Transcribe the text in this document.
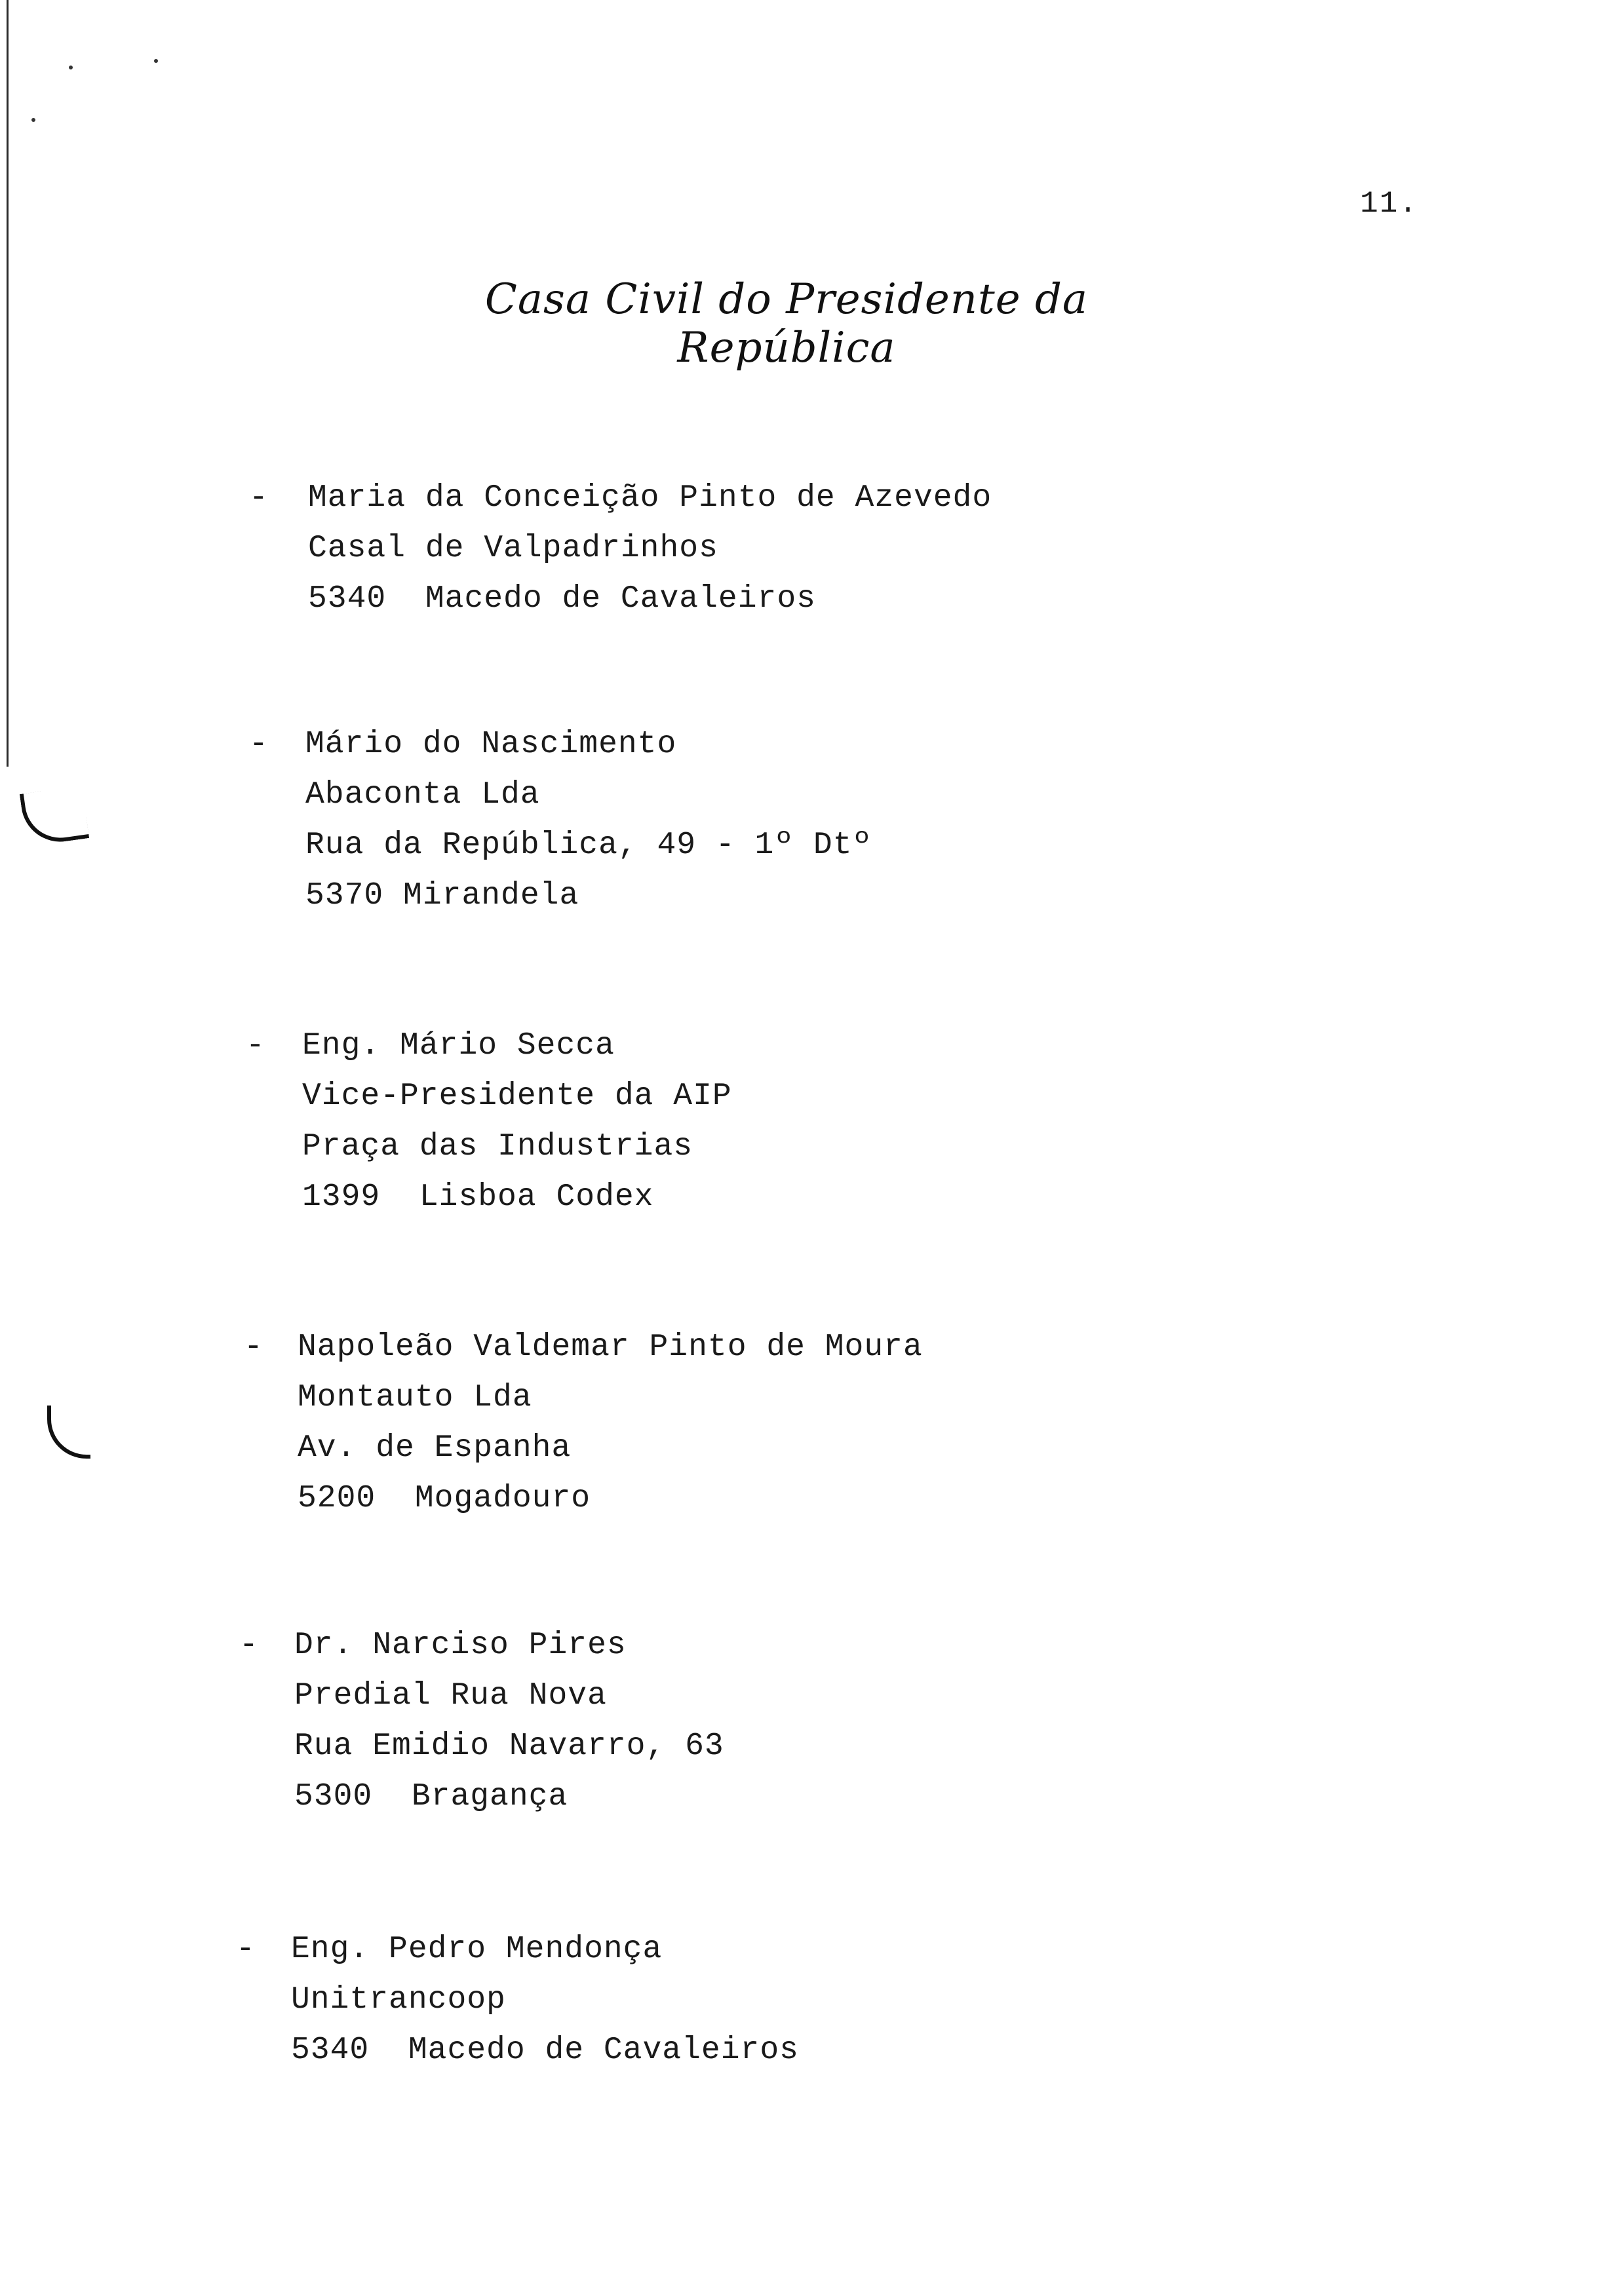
11.
Casa Civil do Presidente da República
- Maria da Conceição Pinto de Azevedo
Casal de Valpadrinhos
5340  Macedo de Cavaleiros
- Mário do Nascimento
Abaconta Lda
Rua da República, 49 - 1º Dtº
5370 Mirandela
- Eng. Mário Secca
Vice-Presidente da AIP
Praça das Industrias
1399  Lisboa Codex
- Napoleão Valdemar Pinto de Moura
Montauto Lda
Av. de Espanha
5200  Mogadouro
- Dr. Narciso Pires
Predial Rua Nova
Rua Emidio Navarro, 63
5300  Bragança
- Eng. Pedro Mendonça
Unitrancoop
5340  Macedo de Cavaleiros
